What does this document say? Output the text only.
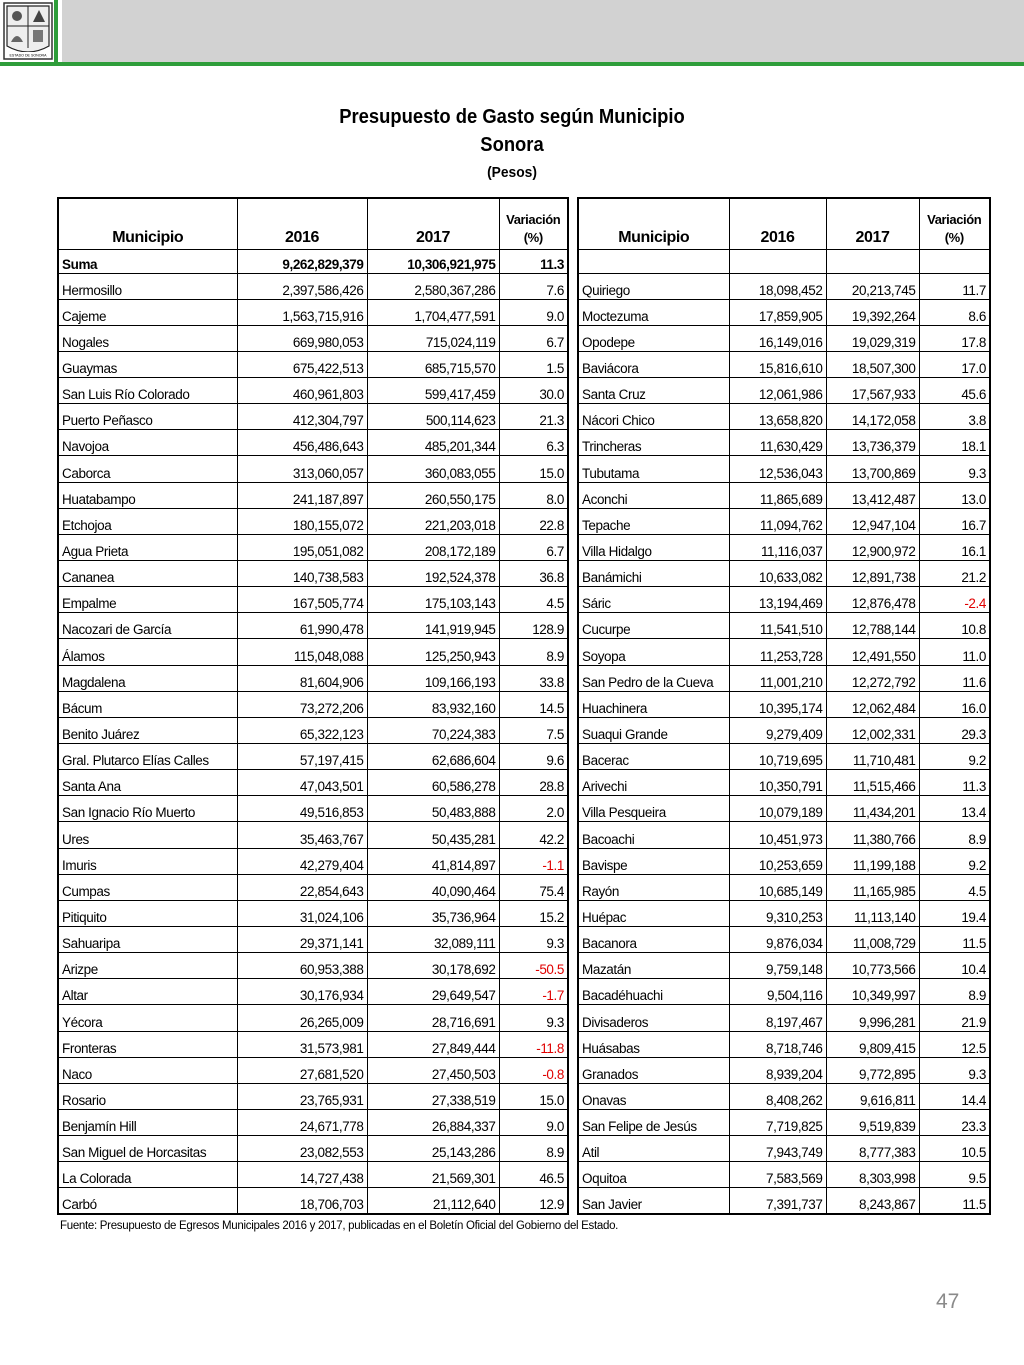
ESTADO DE SONORA
Presupuesto de Gasto según Municipio
Sonora
(Pesos)
Municipio	2016	2017	Variación
(%)
Suma	9,262,829,379	10,306,921,975	11.3
Hermosillo	2,397,586,426	2,580,367,286	7.6
Cajeme	1,563,715,916	1,704,477,591	9.0
Nogales	669,980,053	715,024,119	6.7
Guaymas	675,422,513	685,715,570	1.5
San Luis Río Colorado	460,961,803	599,417,459	30.0
Puerto Peñasco	412,304,797	500,114,623	21.3
Navojoa	456,486,643	485,201,344	6.3
Caborca	313,060,057	360,083,055	15.0
Huatabampo	241,187,897	260,550,175	8.0
Etchojoa	180,155,072	221,203,018	22.8
Agua Prieta	195,051,082	208,172,189	6.7
Cananea	140,738,583	192,524,378	36.8
Empalme	167,505,774	175,103,143	4.5
Nacozari de García	61,990,478	141,919,945	128.9
Álamos	115,048,088	125,250,943	8.9
Magdalena	81,604,906	109,166,193	33.8
Bácum	73,272,206	83,932,160	14.5
Benito Juárez	65,322,123	70,224,383	7.5
Gral. Plutarco Elías Calles	57,197,415	62,686,604	9.6
Santa Ana	47,043,501	60,586,278	28.8
San Ignacio Río Muerto	49,516,853	50,483,888	2.0
Ures	35,463,767	50,435,281	42.2
Imuris	42,279,404	41,814,897	-1.1
Cumpas	22,854,643	40,090,464	75.4
Pitiquito	31,024,106	35,736,964	15.2
Sahuaripa	29,371,141	32,089,111	9.3
Arizpe	60,953,388	30,178,692	-50.5
Altar	30,176,934	29,649,547	-1.7
Yécora	26,265,009	28,716,691	9.3
Fronteras	31,573,981	27,849,444	-11.8
Naco	27,681,520	27,450,503	-0.8
Rosario	23,765,931	27,338,519	15.0
Benjamín Hill	24,671,778	26,884,337	9.0
San Miguel de Horcasitas	23,082,553	25,143,286	8.9
La Colorada	14,727,438	21,569,301	46.5
Carbó	18,706,703	21,112,640	12.9
Municipio	2016	2017	Variación
(%)

Quiriego	18,098,452	20,213,745	11.7
Moctezuma	17,859,905	19,392,264	8.6
Opodepe	16,149,016	19,029,319	17.8
Baviácora	15,816,610	18,507,300	17.0
Santa Cruz	12,061,986	17,567,933	45.6
Nácori Chico	13,658,820	14,172,058	3.8
Trincheras	11,630,429	13,736,379	18.1
Tubutama	12,536,043	13,700,869	9.3
Aconchi	11,865,689	13,412,487	13.0
Tepache	11,094,762	12,947,104	16.7
Villa Hidalgo	11,116,037	12,900,972	16.1
Banámichi	10,633,082	12,891,738	21.2
Sáric	13,194,469	12,876,478	-2.4
Cucurpe	11,541,510	12,788,144	10.8
Soyopa	11,253,728	12,491,550	11.0
San Pedro de la Cueva	11,001,210	12,272,792	11.6
Huachinera	10,395,174	12,062,484	16.0
Suaqui Grande	9,279,409	12,002,331	29.3
Bacerac	10,719,695	11,710,481	9.2
Arivechi	10,350,791	11,515,466	11.3
Villa Pesqueira	10,079,189	11,434,201	13.4
Bacoachi	10,451,973	11,380,766	8.9
Bavispe	10,253,659	11,199,188	9.2
Rayón	10,685,149	11,165,985	4.5
Huépac	9,310,253	11,113,140	19.4
Bacanora	9,876,034	11,008,729	11.5
Mazatán	9,759,148	10,773,566	10.4
Bacadéhuachi	9,504,116	10,349,997	8.9
Divisaderos	8,197,467	9,996,281	21.9
Huásabas	8,718,746	9,809,415	12.5
Granados	8,939,204	9,772,895	9.3
Onavas	8,408,262	9,616,811	14.4
San Felipe de Jesús	7,719,825	9,519,839	23.3
Atil	7,943,749	8,777,383	10.5
Oquitoa	7,583,569	8,303,998	9.5
San Javier	7,391,737	8,243,867	11.5
Fuente: Presupuesto de Egresos Municipales 2016 y 2017, publicadas en el Boletín Oficial del Gobierno del Estado.
47
